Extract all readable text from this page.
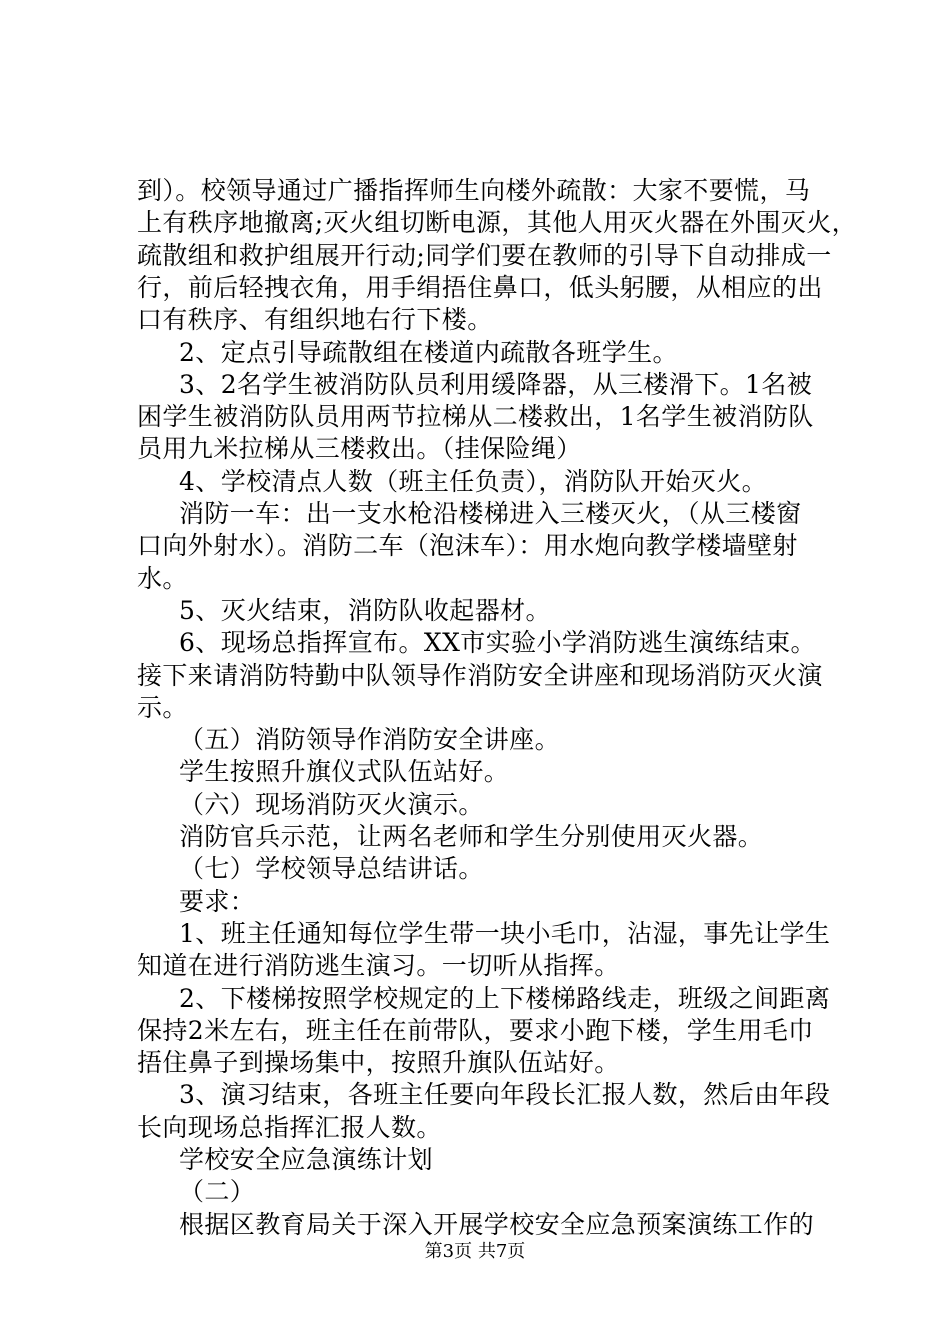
到）。校领导通过广播指挥师生向楼外疏散：大家不要慌，马
上有秩序地撤离;灭火组切断电源，其他人用灭火器在外围灭火，
疏散组和救护组展开行动;同学们要在教师的引导下自动排成一
行，前后轻拽衣角，用手绢捂住鼻口，低头躬腰，从相应的出
口有秩序、有组织地右行下楼。
2、定点引导疏散组在楼道内疏散各班学生。
3、2名学生被消防队员利用缓降器，从三楼滑下。1名被
困学生被消防队员用两节拉梯从二楼救出，1名学生被消防队
员用九米拉梯从三楼救出。（挂保险绳）
4、学校清点人数（班主任负责），消防队开始灭火。
消防一车：出一支水枪沿楼梯进入三楼灭火，（从三楼窗
口向外射水）。消防二车（泡沫车）：用水炮向教学楼墙壁射
水。
5、灭火结束，消防队收起器材。
6、现场总指挥宣布。XX市实验小学消防逃生演练结束。
接下来请消防特勤中队领导作消防安全讲座和现场消防灭火演
示。
（五）消防领导作消防安全讲座。
学生按照升旗仪式队伍站好。
（六）现场消防灭火演示。
消防官兵示范，让两名老师和学生分别使用灭火器。
（七）学校领导总结讲话。
要求：
1、班主任通知每位学生带一块小毛巾，沾湿，事先让学生
知道在进行消防逃生演习。一切听从指挥。
2、下楼梯按照学校规定的上下楼梯路线走，班级之间距离
保持2米左右，班主任在前带队，要求小跑下楼，学生用毛巾
捂住鼻子到操场集中，按照升旗队伍站好。
3、演习结束，各班主任要向年段长汇报人数，然后由年段
长向现场总指挥汇报人数。
学校安全应急演练计划
（二）
根据区教育局关于深入开展学校安全应急预案演练工作的
第3页 共7页
